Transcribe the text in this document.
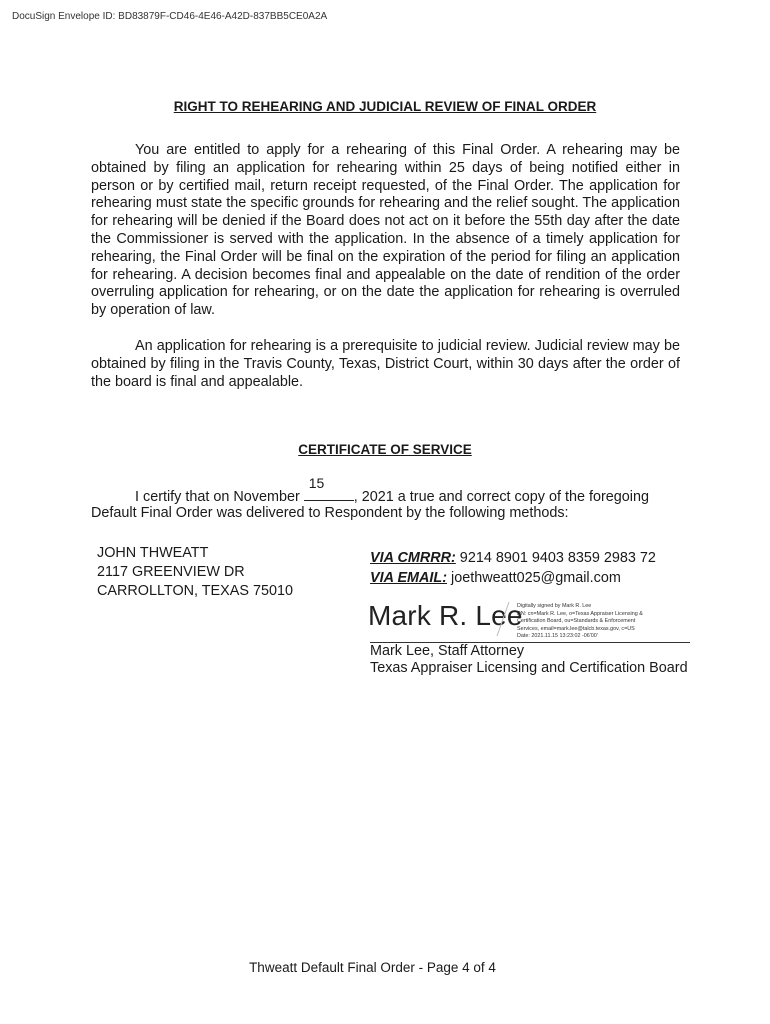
DocuSign Envelope ID: BD83879F-CD46-4E46-A42D-837BB5CE0A2A
RIGHT TO REHEARING AND JUDICIAL REVIEW OF FINAL ORDER

You are entitled to apply for a rehearing of this Final Order. A rehearing may be obtained by filing an application for rehearing within 25 days of being notified either in person or by certified mail, return receipt requested, of the Final Order. The application for rehearing must state the specific grounds for rehearing and the relief sought. The application for rehearing will be denied if the Board does not act on it before the 55th day after the date the Commissioner is served with the application. In the absence of a timely application for rehearing, the Final Order will be final on the expiration of the period for filing an application for rehearing. A decision becomes final and appealable on the date of rendition of the order overruling application for rehearing, or on the date the application for rehearing is overruled by operation of law.

An application for rehearing is a prerequisite to judicial review. Judicial review may be obtained by filing in the Travis County, Texas, District Court, within 30 days after the order of the board is final and appealable.

CERTIFICATE OF SERVICE
I certify that on November
15
, 2021 a true and correct copy of the foregoing
Default Final Order was delivered to Respondent by the following methods:
JOHN THWEATT
2117 GREENVIEW DR
CARROLLTON, TEXAS 75010
VIA CMRRR: 9214 8901 9403 8359 2983 72
VIA EMAIL: joethweatt025@gmail.com
Mark R. Lee
Digitally signed by Mark R. Lee
DN: cn=Mark R. Lee, o=Texas Appraiser Licensing &
Certification Board, ou=Standards & Enforcement
Services, email=mark.lee@talcb.texas.gov, c=US
Date: 2021.11.15 13:23:02 -06'00'
Mark Lee, Staff Attorney
Texas Appraiser Licensing and Certification Board
Thweatt Default Final Order - Page 4 of 4
